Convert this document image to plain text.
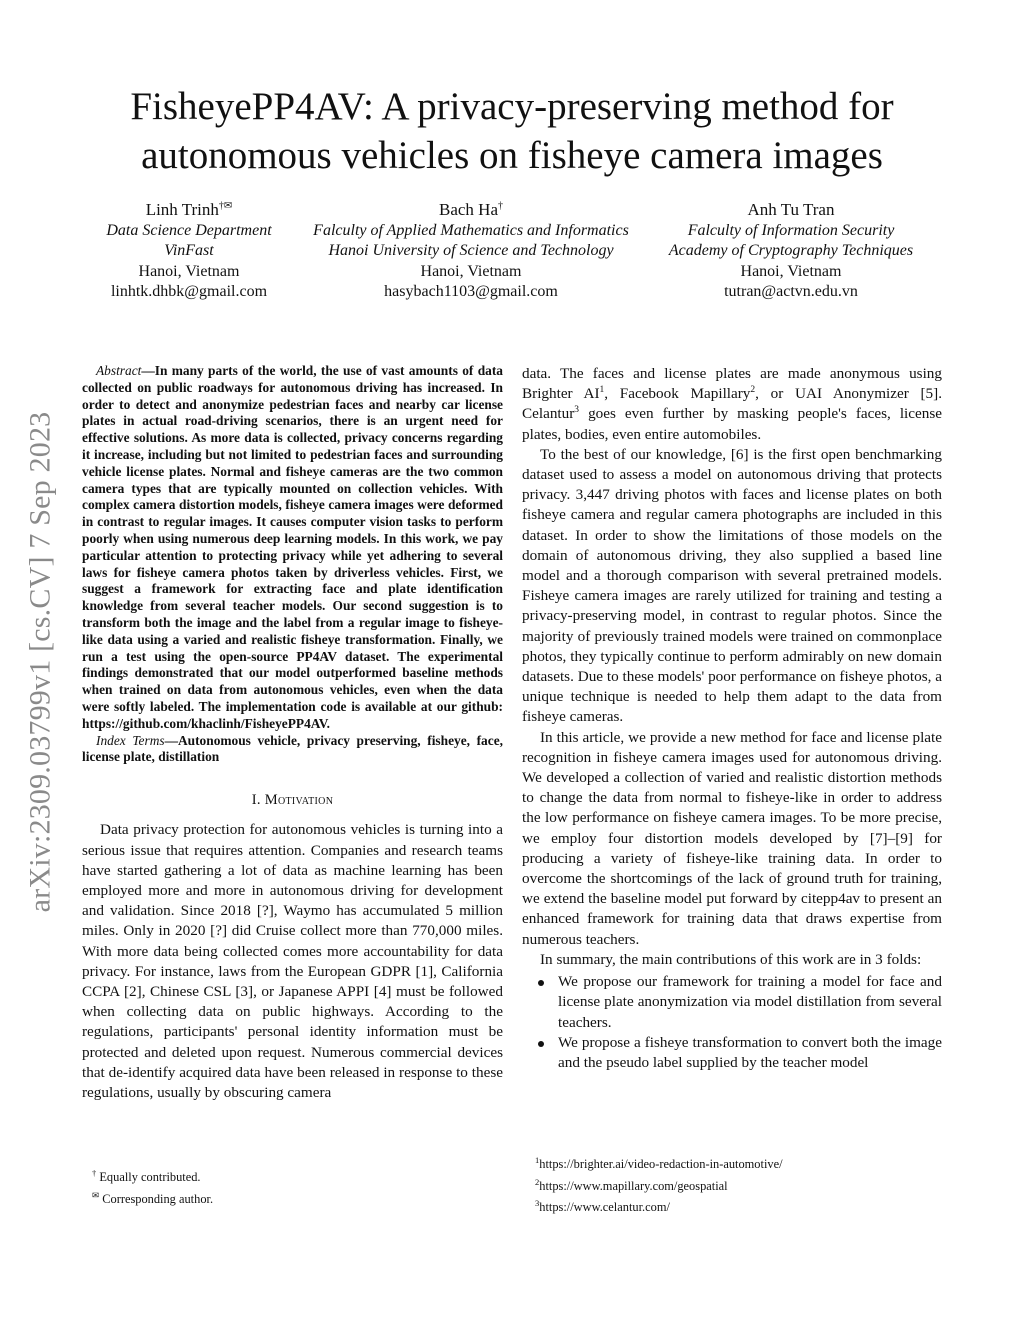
FisheyePP4AV: A privacy-preserving method for
autonomous vehicles on fisheye camera images
Linh Trinh†✉
Data Science Department
VinFast
Hanoi, Vietnam
linhtk.dhbk@gmail.com
Bach Ha†
Falculty of Applied Mathematics and Informatics
Hanoi University of Science and Technology
Hanoi, Vietnam
hasybach1103@gmail.com
Anh Tu Tran
Falculty of Information Security
Academy of Cryptography Techniques
Hanoi, Vietnam
tutran@actvn.edu.vn
arXiv:2309.03799v1 [cs.CV] 7 Sep 2023
Abstract—In many parts of the world, the use of vast amounts of data collected on public roadways for autonomous driving has increased. In order to detect and anonymize pedestrian faces and nearby car license plates in actual road-driving scenarios, there is an urgent need for effective solutions. As more data is collected, privacy concerns regarding it increase, including but not limited to pedestrian faces and surrounding vehicle license plates. Normal and fisheye cameras are the two common camera types that are typically mounted on collection vehicles. With complex camera distortion models, fisheye camera images were deformed in contrast to regular images. It causes computer vision tasks to perform poorly when using numerous deep learning models. In this work, we pay particular attention to protecting privacy while yet adhering to several laws for fisheye camera photos taken by driverless vehicles. First, we suggest a framework for extracting face and plate identification knowledge from several teacher models. Our second suggestion is to transform both the image and the label from a regular image to fisheye-like data using a varied and realistic fisheye transformation. Finally, we run a test using the open-source PP4AV dataset. The experimental findings demonstrated that our model outperformed baseline methods when trained on data from autonomous vehicles, even when the data were softly labeled. The implementation code is available at our github: https://github.com/khaclinh/FisheyePP4AV.
Index Terms—Autonomous vehicle, privacy preserving, fisheye, face, license plate, distillation
I. Motivation

Data privacy protection for autonomous vehicles is turning into a serious issue that requires attention. Companies and research teams have started gathering a lot of data as machine learning has been employed more and more in autonomous driving for development and validation. Since 2018 [?], Waymo has accumulated 5 million miles. Only in 2020 [?] did Cruise collect more than 770,000 miles. With more data being collected comes more accountability for data privacy. For instance, laws from the European GDPR [1], California CCPA [2], Chinese CSL [3], or Japanese APPI [4] must be followed when collecting data on public highways. According to the regulations, participants' personal identity information must be protected and deleted upon request. Numerous commercial devices that de-identify acquired data have been released in response to these regulations, usually by obscuring camera

† Equally contributed.
✉ Corresponding author.

data. The faces and license plates are made anonymous using Brighter AI$^1$, Facebook Mapillary$^2$, or UAI Anonymizer [5]. Celantur$^3$ goes even further by masking people's faces, license plates, bodies, even entire automobiles.

To the best of our knowledge, [6] is the first open benchmarking dataset used to assess a model on autonomous driving that protects privacy. 3,447 driving photos with faces and license plates on both fisheye camera and regular camera photographs are included in this dataset. In order to show the limitations of those models on the domain of autonomous driving, they also supplied a based line model and a thorough comparison with several pretrained models. Fisheye camera images are rarely utilized for training and testing a privacy-preserving model, in contrast to regular photos. Since the majority of previously trained models were trained on commonplace photos, they typically continue to perform admirably on new domain datasets. Due to these models' poor performance on fisheye photos, a unique technique is needed to help them adapt to the data from fisheye cameras.

In this article, we provide a new method for face and license plate recognition in fisheye camera images used for autonomous driving. We developed a collection of varied and realistic distortion methods to change the data from normal to fisheye-like in order to address the low performance on fisheye camera images. To be more precise, we employ four distortion models developed by [7]–[9] for producing a variety of fisheye-like training data. In order to overcome the shortcomings of the lack of ground truth for training, we extend the baseline model put forward by citepp4av to present an enhanced framework for training data that draws expertise from numerous teachers.

In summary, the main contributions of this work are in 3 folds:

We propose our framework for training a model for face and license plate anonymization via model distillation from several teachers.
We propose a fisheye transformation to convert both the image and the pseudo label supplied by the teacher model
$^1$https://brighter.ai/video-redaction-in-automotive/
$^2$https://www.mapillary.com/geospatial
$^3$https://www.celantur.com/
